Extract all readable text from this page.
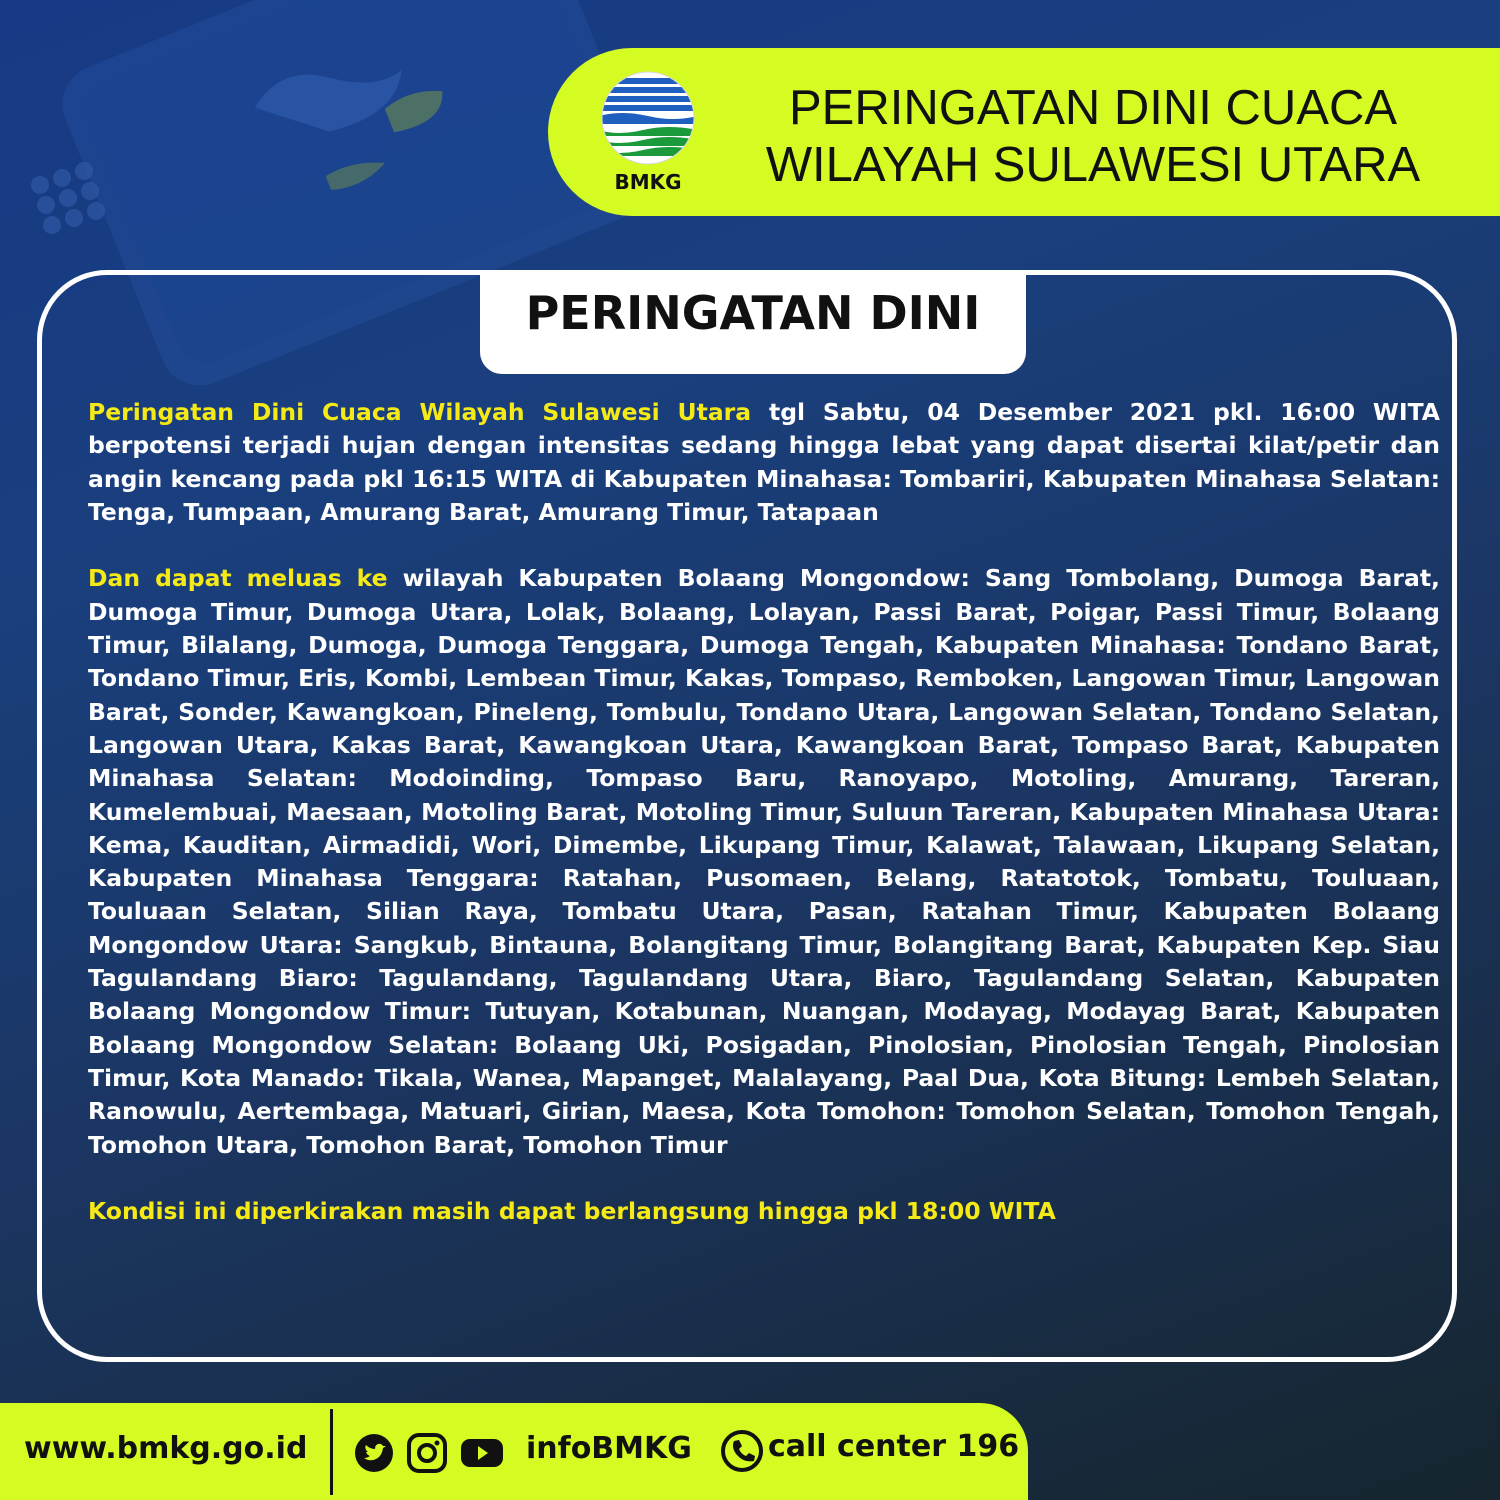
BMKG
PERINGATAN DINI CUACA
WILAYAH SULAWESI UTARA
PERINGATAN DINI

Peringatan Dini Cuaca Wilayah Sulawesi Utara tgl Sabtu, 04 Desember 2021 pkl. 16:00 WITA berpotensi terjadi hujan dengan intensitas sedang hingga lebat yang dapat disertai kilat/petir dan angin kencang pada pkl 16:15 WITA di Kabupaten Minahasa: Tombariri, Kabupaten Minahasa Selatan: Tenga, Tumpaan, Amurang Barat, Amurang Timur, Tatapaan

Dan dapat meluas ke wilayah Kabupaten Bolaang Mongondow: Sang Tombolang, Dumoga Barat, Dumoga Timur, Dumoga Utara, Lolak, Bolaang, Lolayan, Passi Barat, Poigar, Passi Timur, Bolaang Timur, Bilalang, Dumoga, Dumoga Tenggara, Dumoga Tengah, Kabupaten Minahasa: Tondano Barat, Tondano Timur, Eris, Kombi, Lembean Timur, Kakas, Tompaso, Remboken, Langowan Timur, Langowan Barat, Sonder, Kawangkoan, Pineleng, Tombulu, Tondano Utara, Langowan Selatan, Tondano Selatan, Langowan Utara, Kakas Barat, Kawangkoan Utara, Kawangkoan Barat, Tompaso Barat, Kabupaten Minahasa Selatan: Modoinding, Tompaso Baru, Ranoyapo, Motoling, Amurang, Tareran, Kumelembuai, Maesaan, Motoling Barat, Motoling Timur, Suluun Tareran, Kabupaten Minahasa Utara: Kema, Kauditan, Airmadidi, Wori, Dimembe, Likupang Timur, Kalawat, Talawaan, Likupang Selatan, Kabupaten Minahasa Tenggara: Ratahan, Pusomaen, Belang, Ratatotok, Tombatu, Touluaan, Touluaan Selatan, Silian Raya, Tombatu Utara, Pasan, Ratahan Timur, Kabupaten Bolaang Mongondow Utara: Sangkub, Bintauna, Bolangitang Timur, Bolangitang Barat, Kabupaten Kep. Siau Tagulandang Biaro: Tagulandang, Tagulandang Utara, Biaro, Tagulandang Selatan, Kabupaten Bolaang Mongondow Timur: Tutuyan, Kotabunan, Nuangan, Modayag, Modayag Barat, Kabupaten Bolaang Mongondow Selatan: Bolaang Uki, Posigadan, Pinolosian, Pinolosian Tengah, Pinolosian Timur, Kota Manado: Tikala, Wanea, Mapanget, Malalayang, Paal Dua, Kota Bitung: Lembeh Selatan, Ranowulu, Aertembaga, Matuari, Girian, Maesa, Kota Tomohon: Tomohon Selatan, Tomohon Tengah, Tomohon Utara, Tomohon Barat, Tomohon Timur

Kondisi ini diperkirakan masih dapat berlangsung hingga pkl 18:00 WITA

www.bmkg.go.id	infoBMKG	call center 196
